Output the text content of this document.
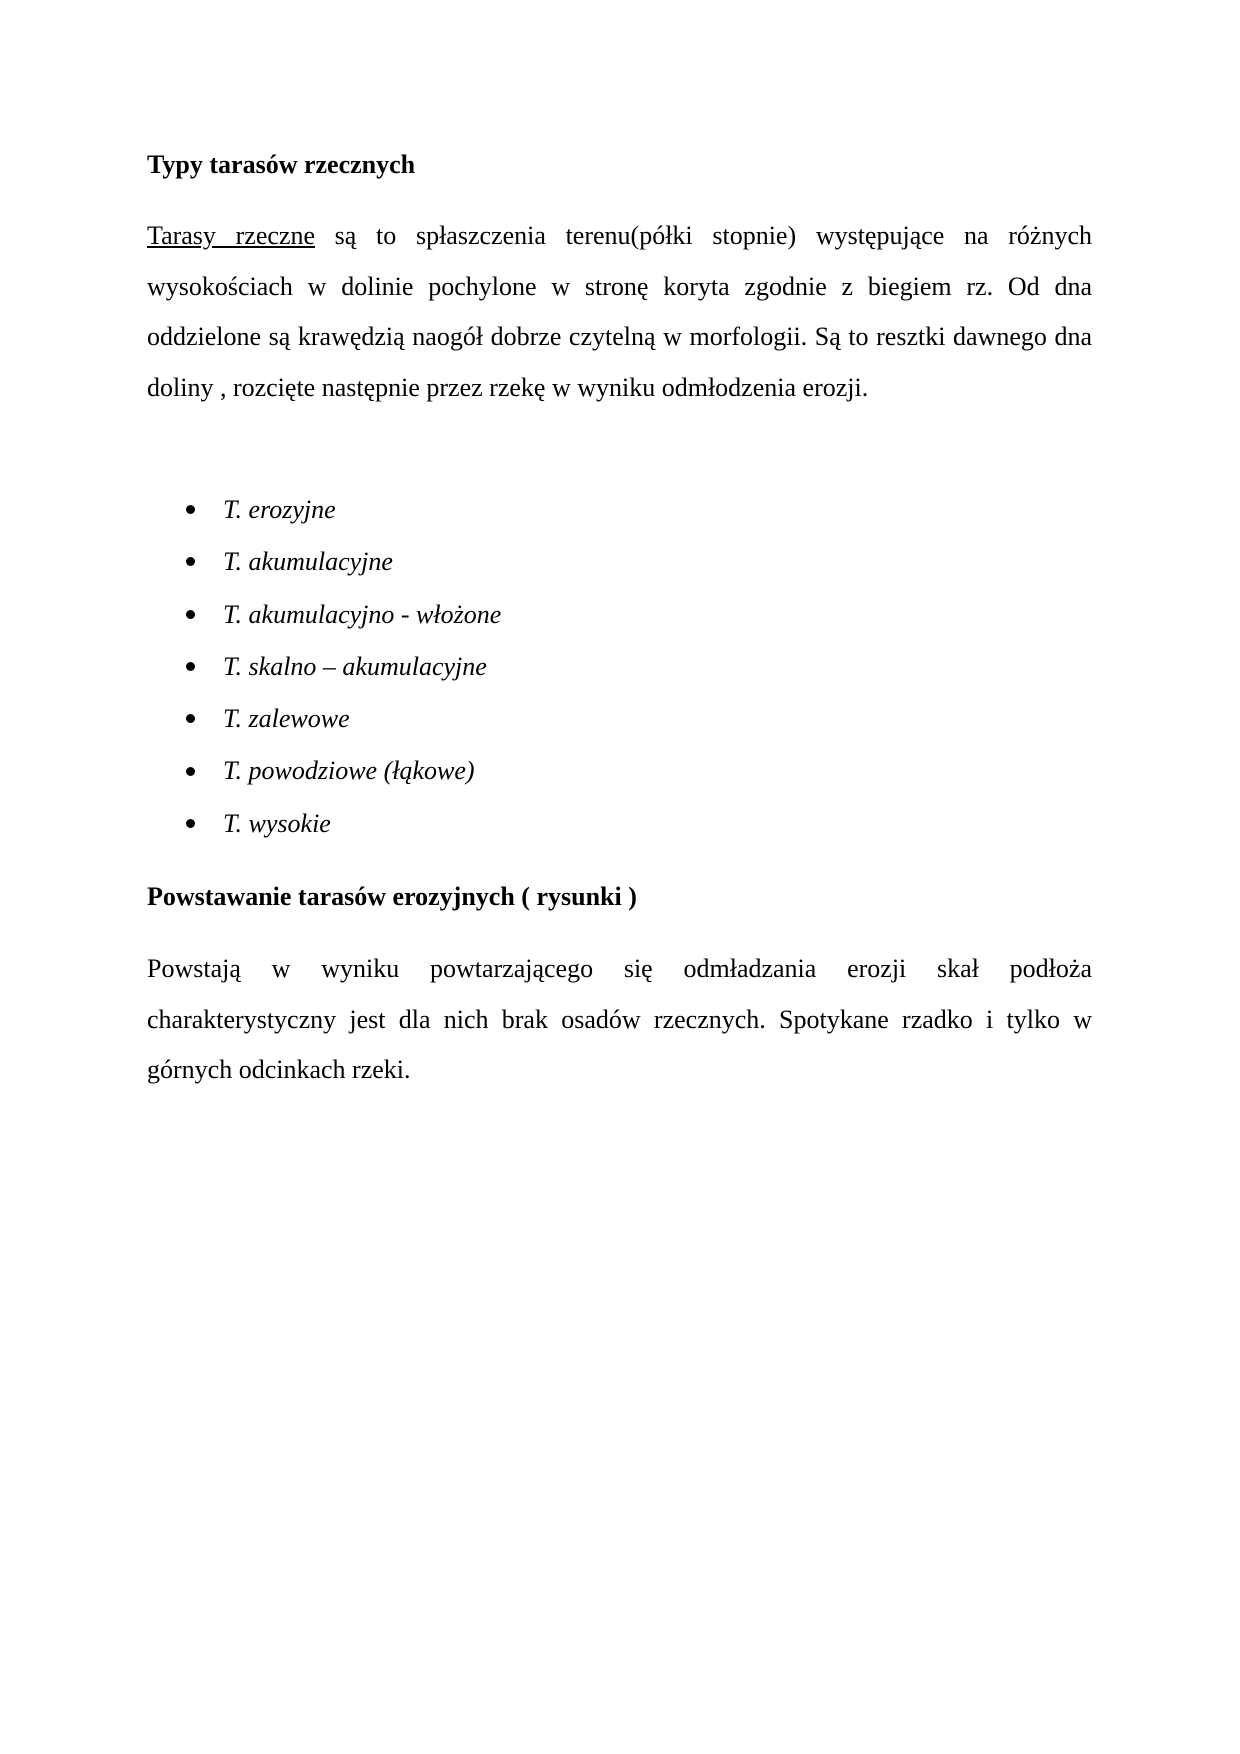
Typy tarasów rzecznych

Tarasy rzeczne są to spłaszczenia terenu(półki stopnie) występujące na różnych wysokościach w dolinie pochylone w stronę koryta zgodnie z biegiem rz. Od dna oddzielone są krawędzią naogół dobrze czytelną w morfologii. Są to resztki dawnego dna doliny , rozcięte następnie przez rzekę w wyniku odmłodzenia erozji.

T. erozyjne
T. akumulacyjne
T. akumulacyjno - włożone
T. skalno – akumulacyjne
T. zalewowe
T. powodziowe (łąkowe)
T. wysokie
Powstawanie tarasów erozyjnych ( rysunki )

Powstają w wyniku powtarzającego się odmładzania erozji skał podłoża charakterystyczny jest dla nich brak osadów rzecznych. Spotykane rzadko i tylko w górnych odcinkach rzeki.
